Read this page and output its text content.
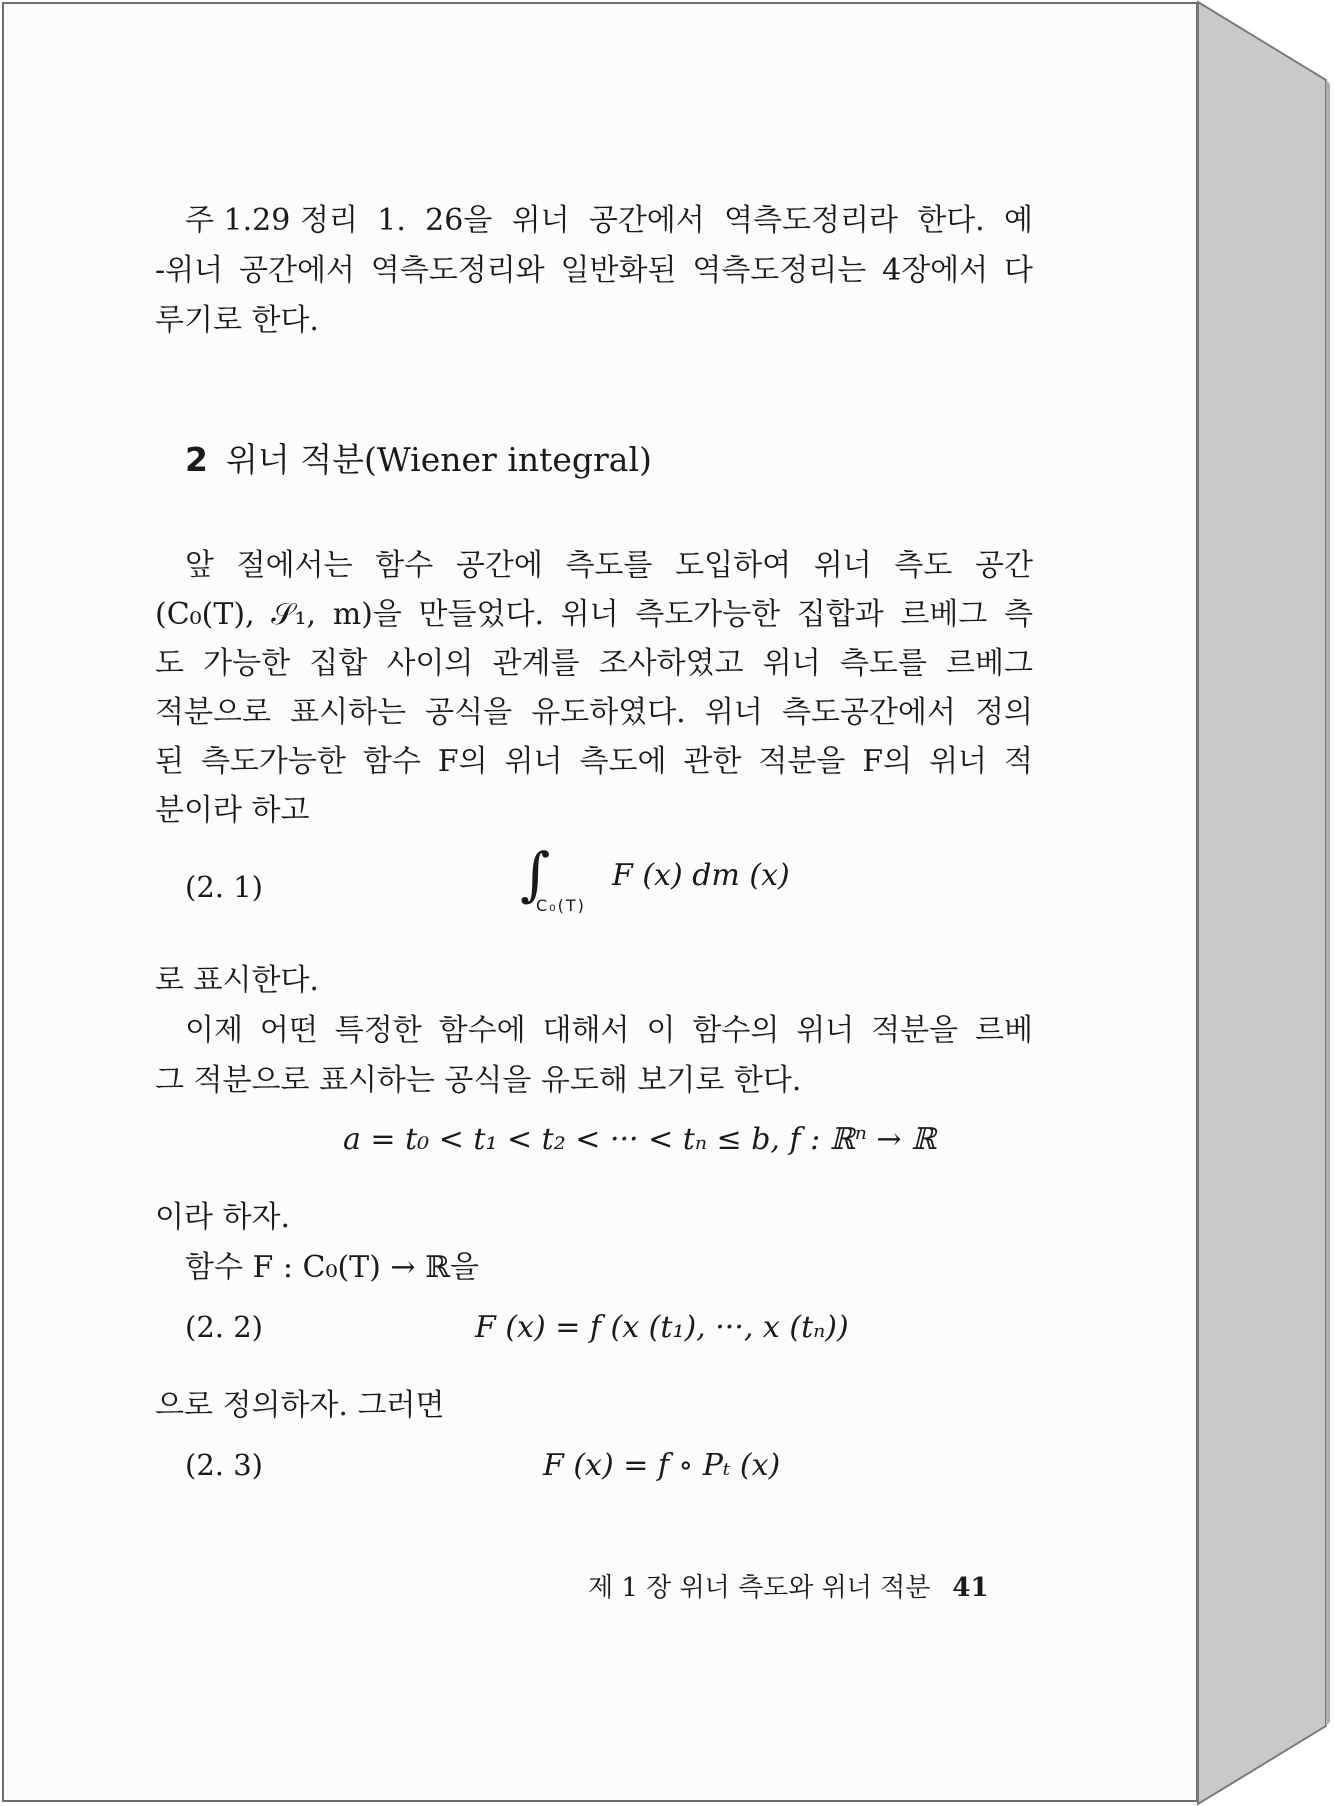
주 1.29 정리 1. 26을 위너 공간에서 역측도정리라 한다. 예
-위너 공간에서 역측도정리와 일반화된 역측도정리는 4장에서 다
루기로 한다.
2 위너 적분(Wiener integral)
앞 절에서는 함수 공간에 측도를 도입하여 위너 측도 공간
(C₀(T), 𝒮₁, m)을 만들었다. 위너 측도가능한 집합과 르베그 측
도 가능한 집합 사이의 관계를 조사하였고 위너 측도를 르베그
적분으로 표시하는 공식을 유도하였다. 위너 측도공간에서 정의
된 측도가능한 함수 F의 위너 측도에 관한 적분을 F의 위너 적
분이라 하고
(2. 1)	∫
C₀(T)
F (x) dm (x)
로 표시한다.
이제 어떤 특정한 함수에 대해서 이 함수의 위너 적분을 르베
그 적분으로 표시하는 공식을 유도해 보기로 한다.
a = t₀ < t₁ < t₂ < ··· < tₙ ≤ b, f : ℝⁿ → ℝ
이라 하자.
함수 F : C₀(T) → ℝ을
(2. 2)	F (x) = f (x (t₁), ···, x (tₙ))
으로 정의하자. 그러면
(2. 3)	F (x) = f ∘ Pₜ (x)
제 1 장 위너 측도와 위너 적분 41
